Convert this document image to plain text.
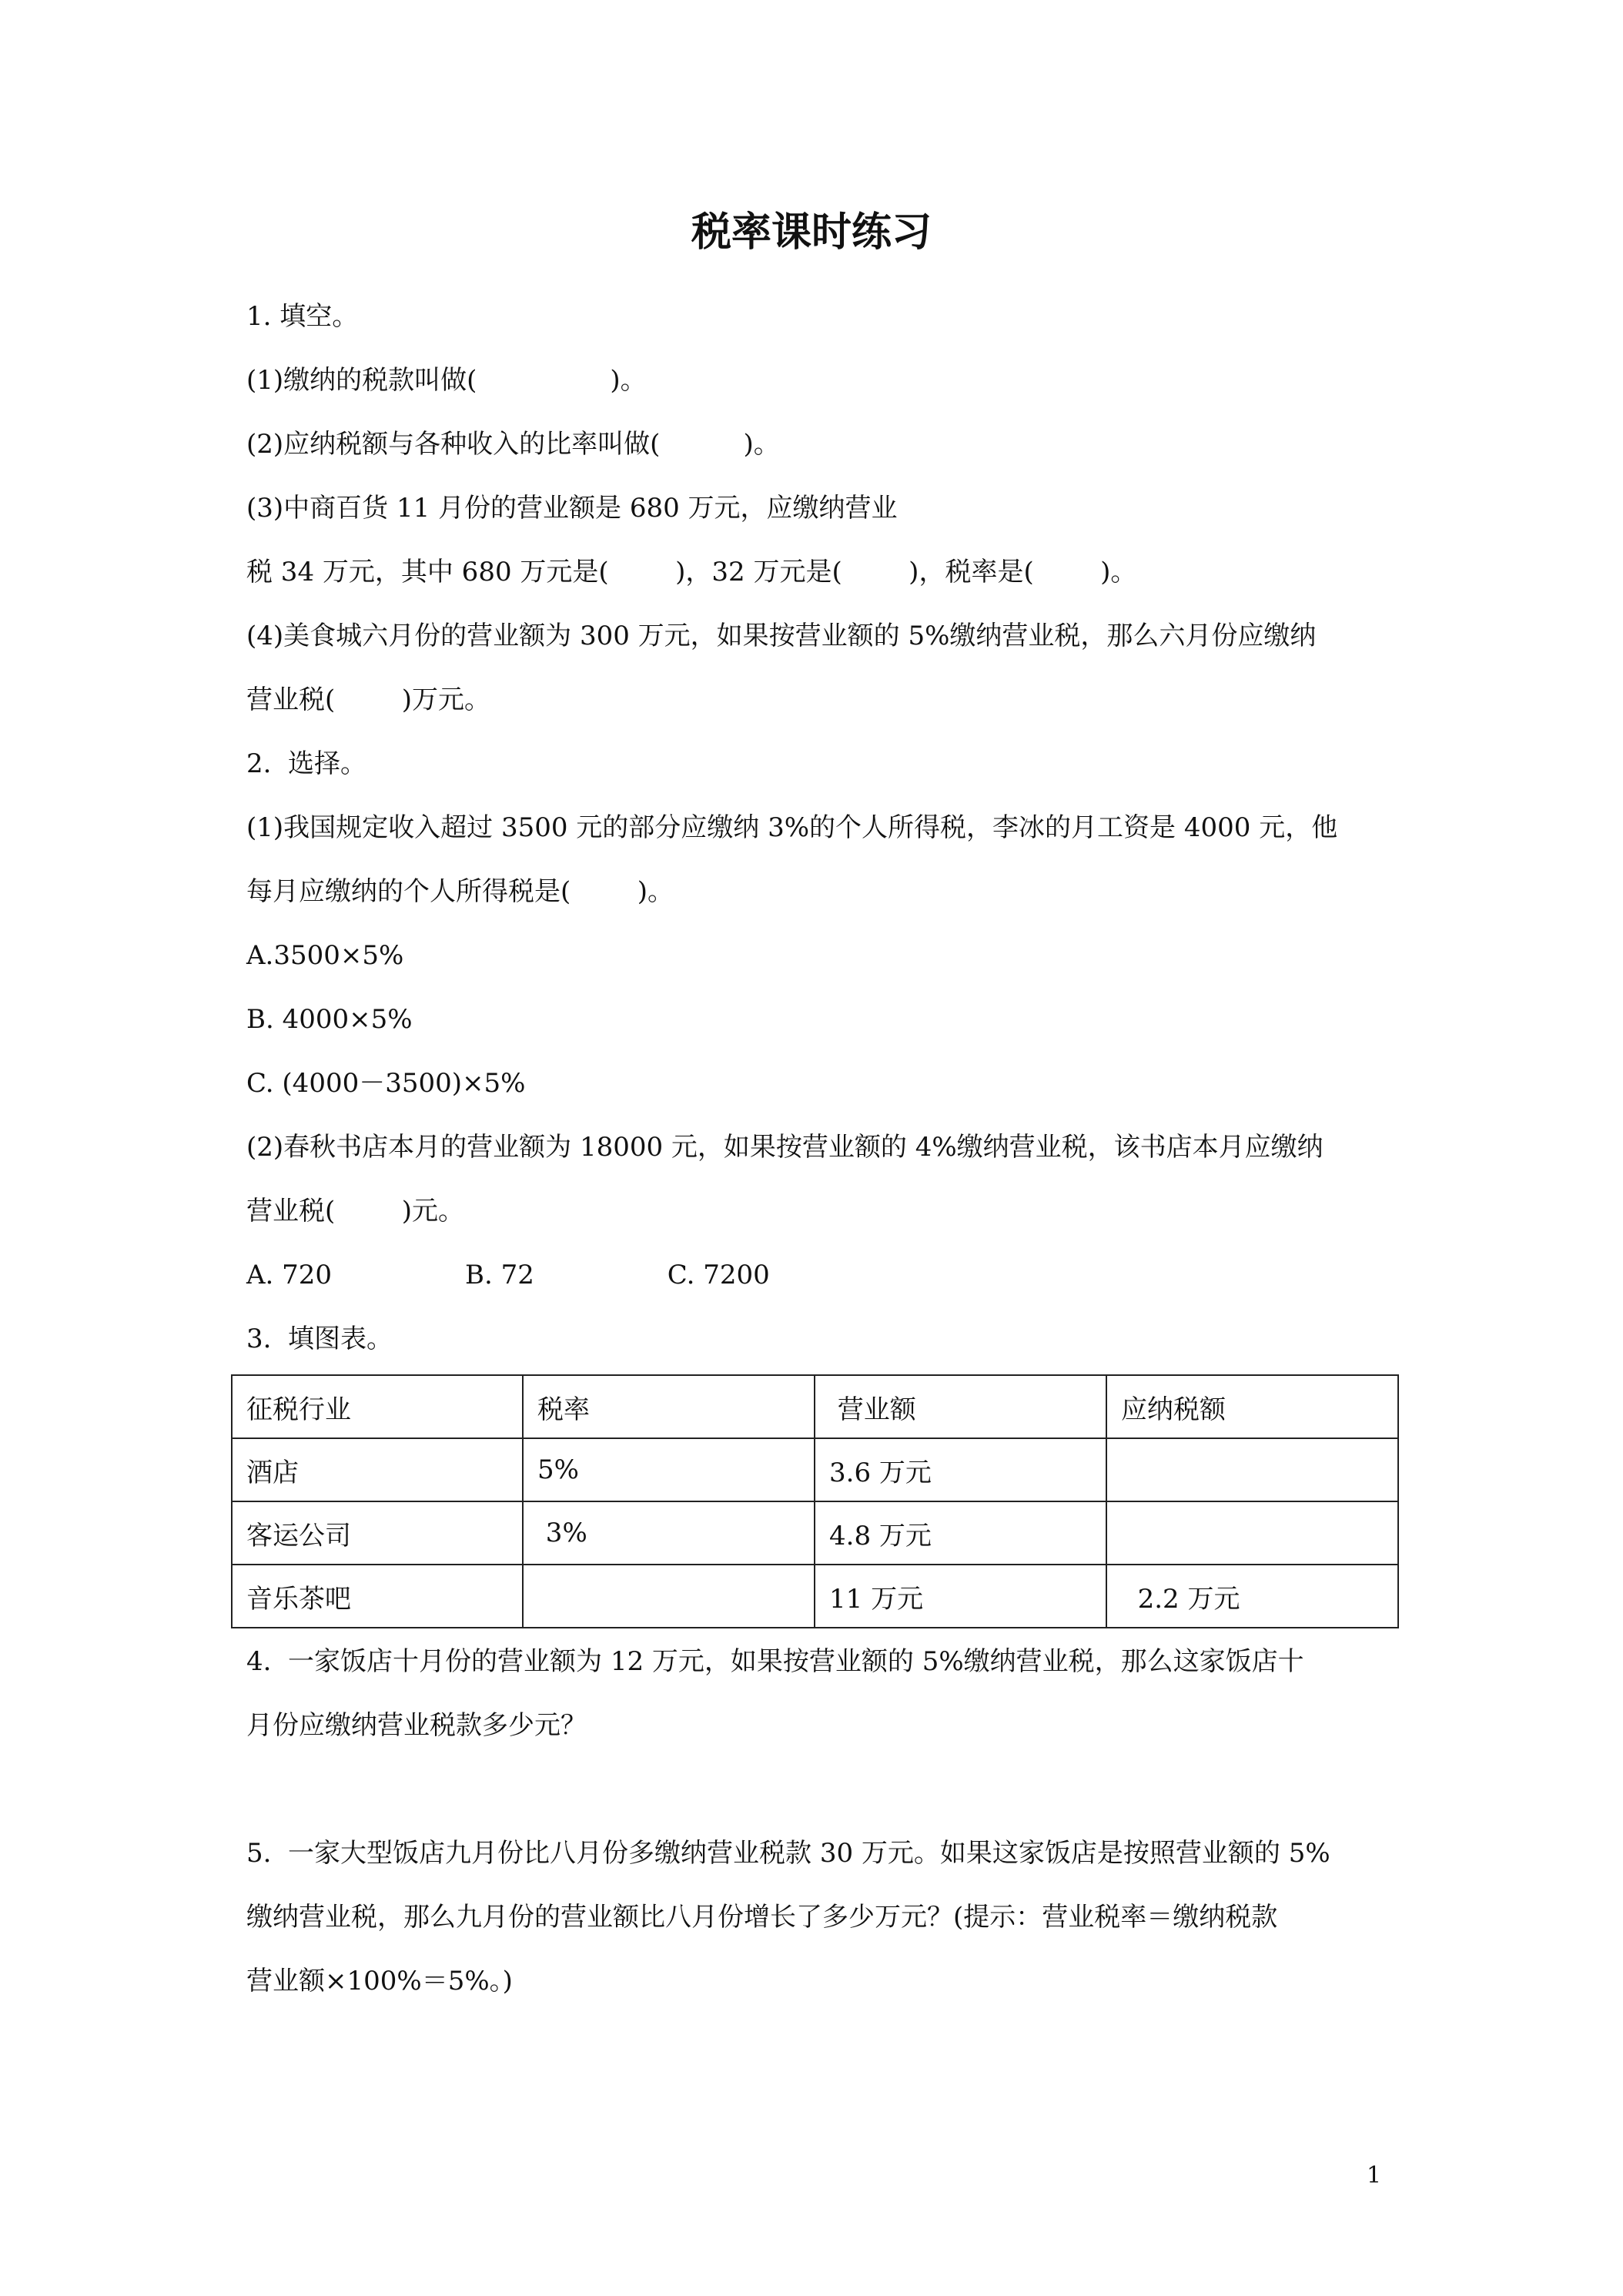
税率课时练习
1. 填空。
(1)缴纳的税款叫做(                )。
(2)应纳税额与各种收入的比率叫做(          )。
(3)中商百货 11 月份的营业额是 680 万元，应缴纳营业
税 34 万元，其中 680 万元是(        )，32 万元是(        )，税率是(        )。
(4)美食城六月份的营业额为 300 万元，如果按营业额的 5%缴纳营业税，那么六月份应缴纳
营业税(        )万元。
2.  选择。
(1)我国规定收入超过 3500 元的部分应缴纳 3%的个人所得税，李冰的月工资是 4000 元，他
每月应缴纳的个人所得税是(        )。
A.3500×5%
B. 4000×5%
C. (4000－3500)×5%
(2)春秋书店本月的营业额为 18000 元，如果按营业额的 4%缴纳营业税，该书店本月应缴纳
营业税(        )元。
A. 720                B. 72                C. 7200
3.  填图表。
征税行业	税率	营业额	应纳税额
酒店	5%	3.6 万元	
客运公司	3%	4.8 万元	
音乐茶吧		11 万元	2.2 万元
4.  一家饭店十月份的营业额为 12 万元，如果按营业额的 5%缴纳营业税，那么这家饭店十
月份应缴纳营业税款多少元？
5.  一家大型饭店九月份比八月份多缴纳营业税款 30 万元。如果这家饭店是按照营业额的 5%
缴纳营业税，那么九月份的营业额比八月份增长了多少万元？(提示：营业税率＝缴纳税款
营业额×100%＝5%。)
1
